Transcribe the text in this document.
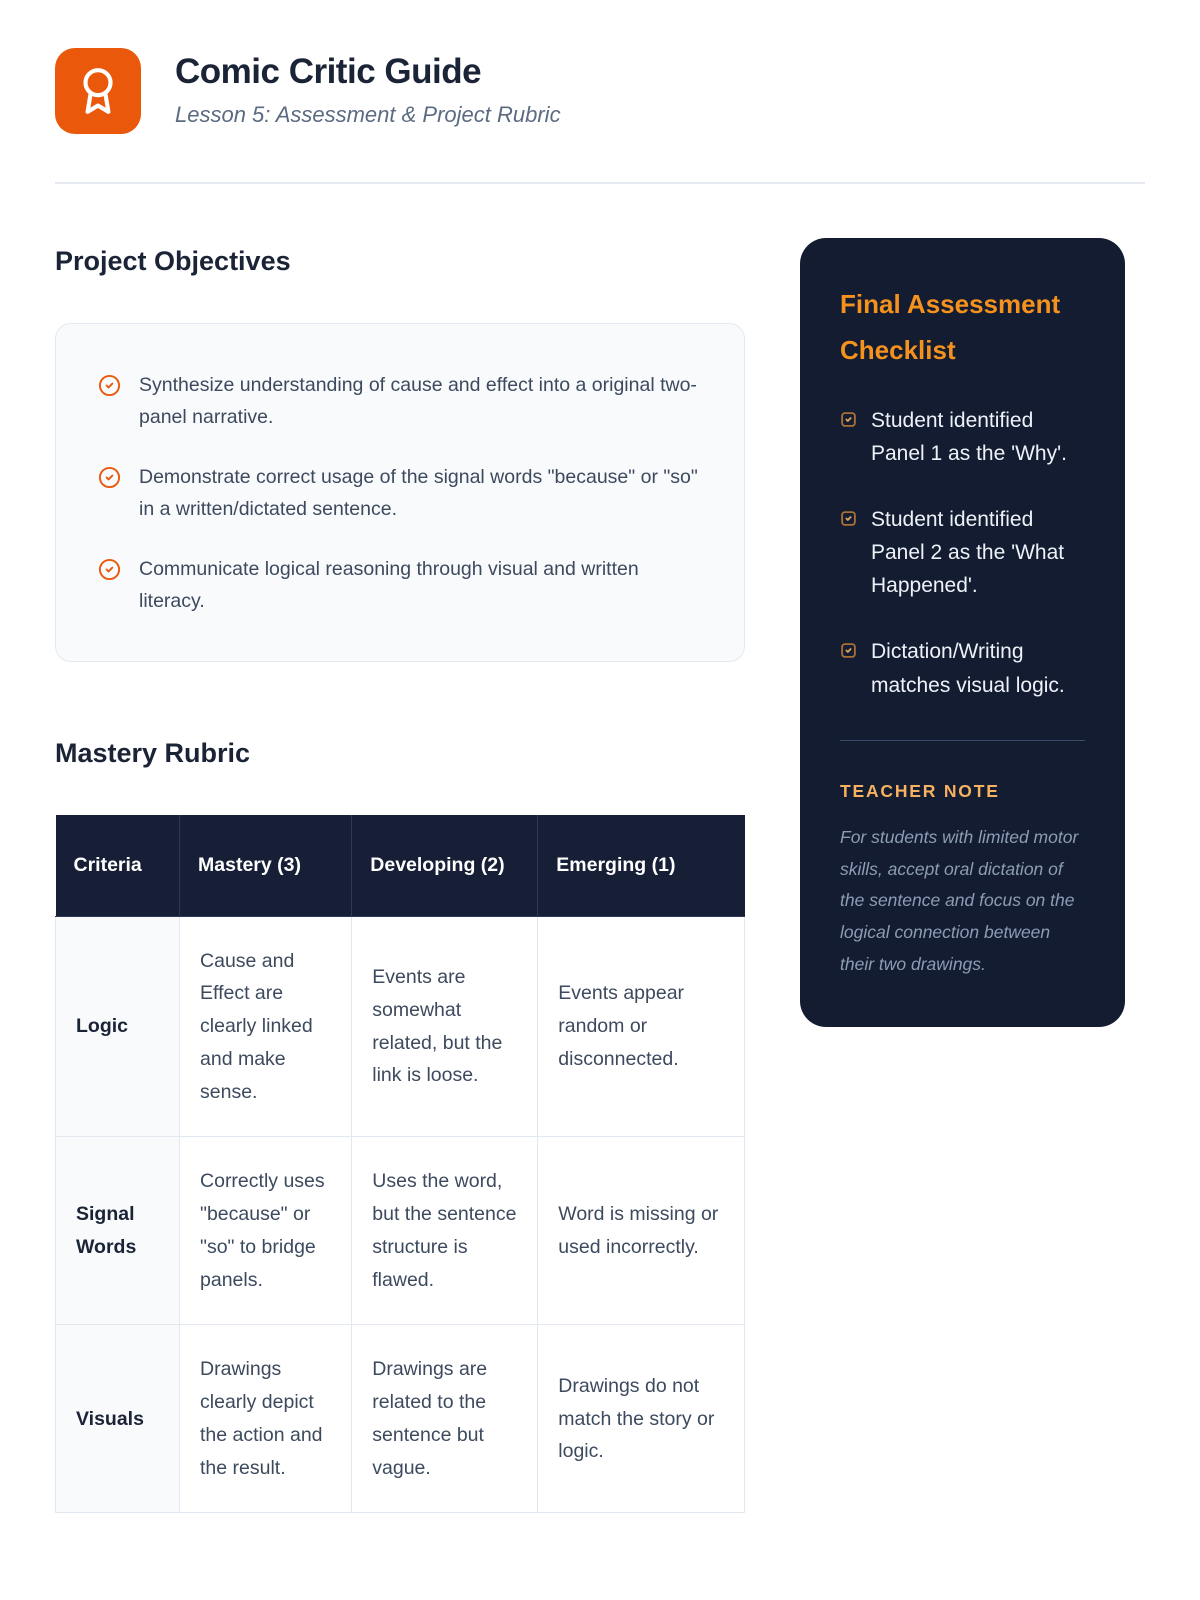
Comic Critic Guide

Lesson 5: Assessment & Project Rubric

Project Objectives

Synthesize understanding of cause and effect into a original two-panel narrative.

Demonstrate correct usage of the signal words "because" or "so" in a written/dictated sentence.

Communicate logical reasoning through visual and written literacy.

Mastery Rubric
Criteria	Mastery (3)	Developing (2)	Emerging (1)
Logic	Cause and Effect are clearly linked and make sense.	Events are somewhat related, but the link is loose.	Events appear random or disconnected.
Signal Words	Correctly uses "because" or "so" to bridge panels.	Uses the word, but the sentence structure is flawed.	Word is missing or used incorrectly.
Visuals	Drawings clearly depict the action and the result.	Drawings are related to the sentence but vague.	Drawings do not match the story or logic.
Final Assessment Checklist
Student identified Panel 1 as the 'Why'.
Student identified Panel 2 as the 'What Happened'.
Dictation/Writing matches visual logic.
TEACHER NOTE

For students with limited motor skills, accept oral dictation of the sentence and focus on the logical connection between their two drawings.
